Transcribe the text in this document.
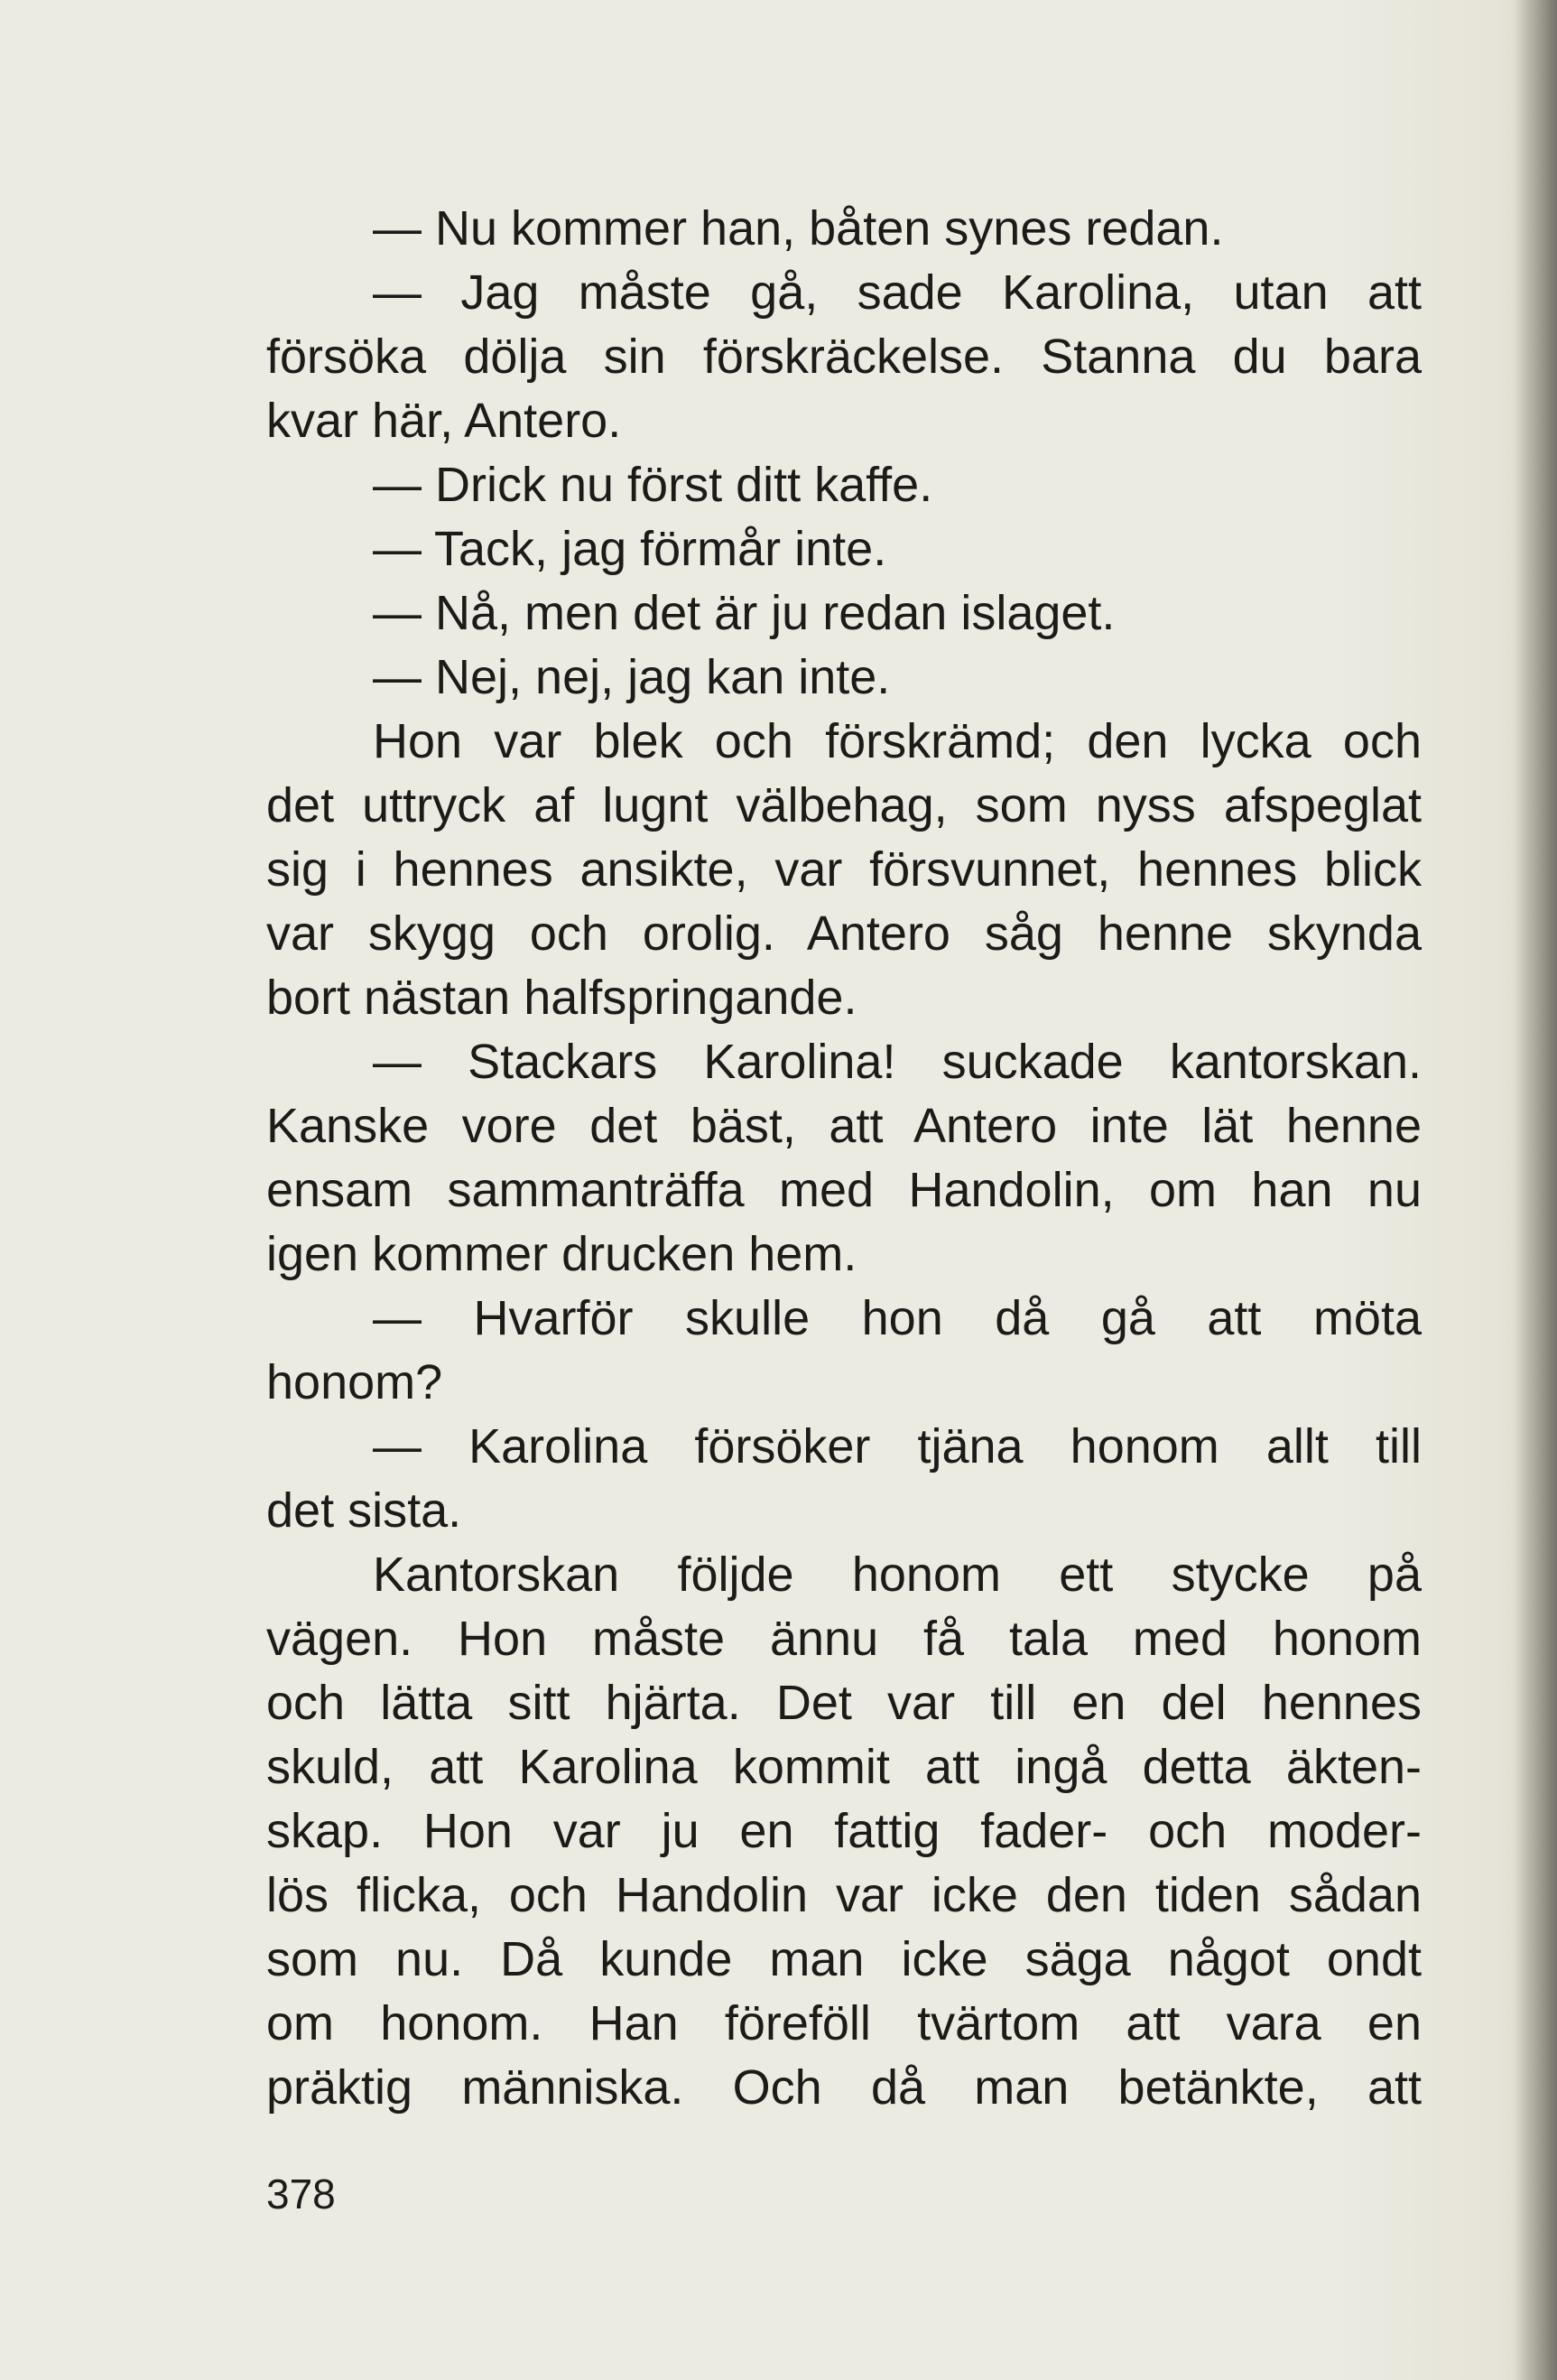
— Nu kommer han, båten synes redan.
— Jag måste gå, sade Karolina, utan att
försöka dölja sin förskräckelse. Stanna du bara
kvar här, Antero.
— Drick nu först ditt kaffe.
— Tack, jag förmår inte.
— Nå, men det är ju redan islaget.
— Nej, nej, jag kan inte.
Hon var blek och förskrämd; den lycka och
det uttryck af lugnt välbehag, som nyss afspeglat
sig i hennes ansikte, var försvunnet, hennes blick
var skygg och orolig. Antero såg henne skynda
bort nästan halfspringande.
— Stackars Karolina! suckade kantorskan.
Kanske vore det bäst, att Antero inte lät henne
ensam sammanträffa med Handolin, om han nu
igen kommer drucken hem.
— Hvarför skulle hon då gå att möta
honom?
— Karolina försöker tjäna honom allt till
det sista.
Kantorskan följde honom ett stycke på
vägen. Hon måste ännu få tala med honom
och lätta sitt hjärta. Det var till en del hennes
skuld, att Karolina kommit att ingå detta äkten-
skap. Hon var ju en fattig fader- och moder-
lös flicka, och Handolin var icke den tiden sådan
som nu. Då kunde man icke säga något ondt
om honom. Han föreföll tvärtom att vara en
präktig människa. Och då man betänkte, att
378
